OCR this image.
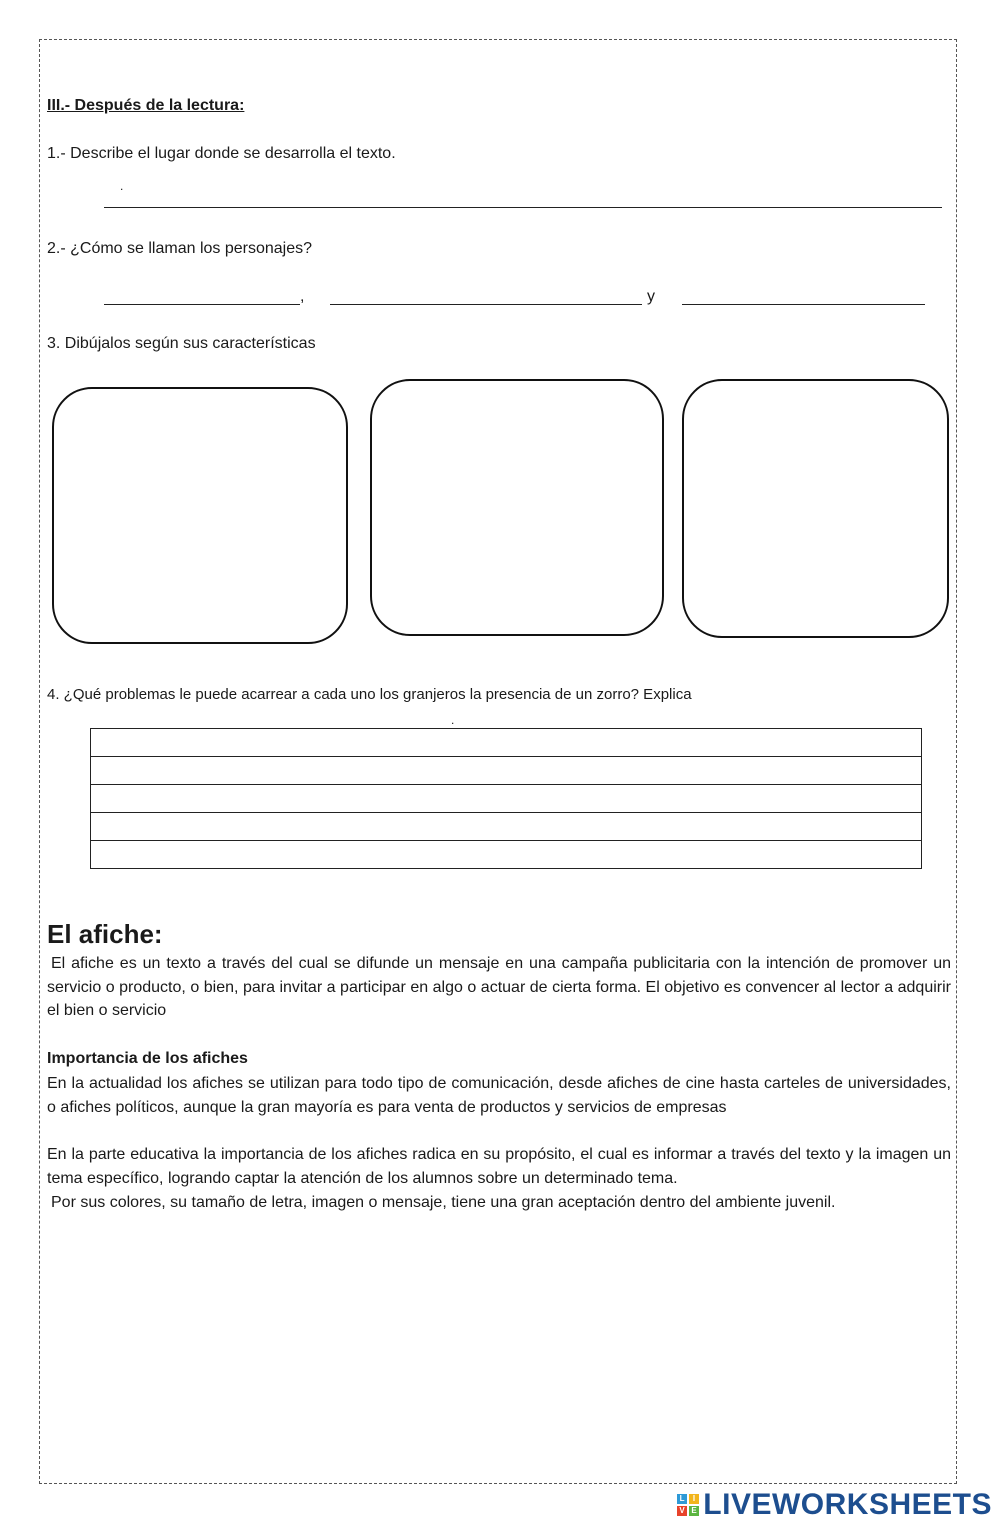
III.- Después de la lectura:
1.- Describe el lugar donde se desarrolla el texto.
.
2.- ¿Cómo se llaman los personajes?
,	y
3. Dibújalos según sus características
4. ¿Qué problemas le puede acarrear a cada uno los granjeros la presencia de un zorro? Explica
.

El afiche:
El afiche es un texto a través del cual se difunde un mensaje en una campaña publicitaria con la intención de promover un servicio o producto, o bien, para invitar a participar en algo o actuar de cierta forma. El objetivo es convencer al lector a adquirir el bien o servicio
Importancia de los afiches
En la actualidad los afiches se utilizan para todo tipo de comunicación, desde afiches de cine hasta carteles de universidades, o afiches políticos, aunque la gran mayoría es para venta de productos y servicios de empresas
En la parte educativa la importancia de los afiches radica en su propósito, el cual es informar a través del texto y la imagen un tema específico, logrando captar la atención de los alumnos sobre un determinado tema.
Por sus colores, su tamaño de letra, imagen o mensaje, tiene una gran aceptación dentro del ambiente juvenil.
L I
V E LIVEWORKSHEETS
